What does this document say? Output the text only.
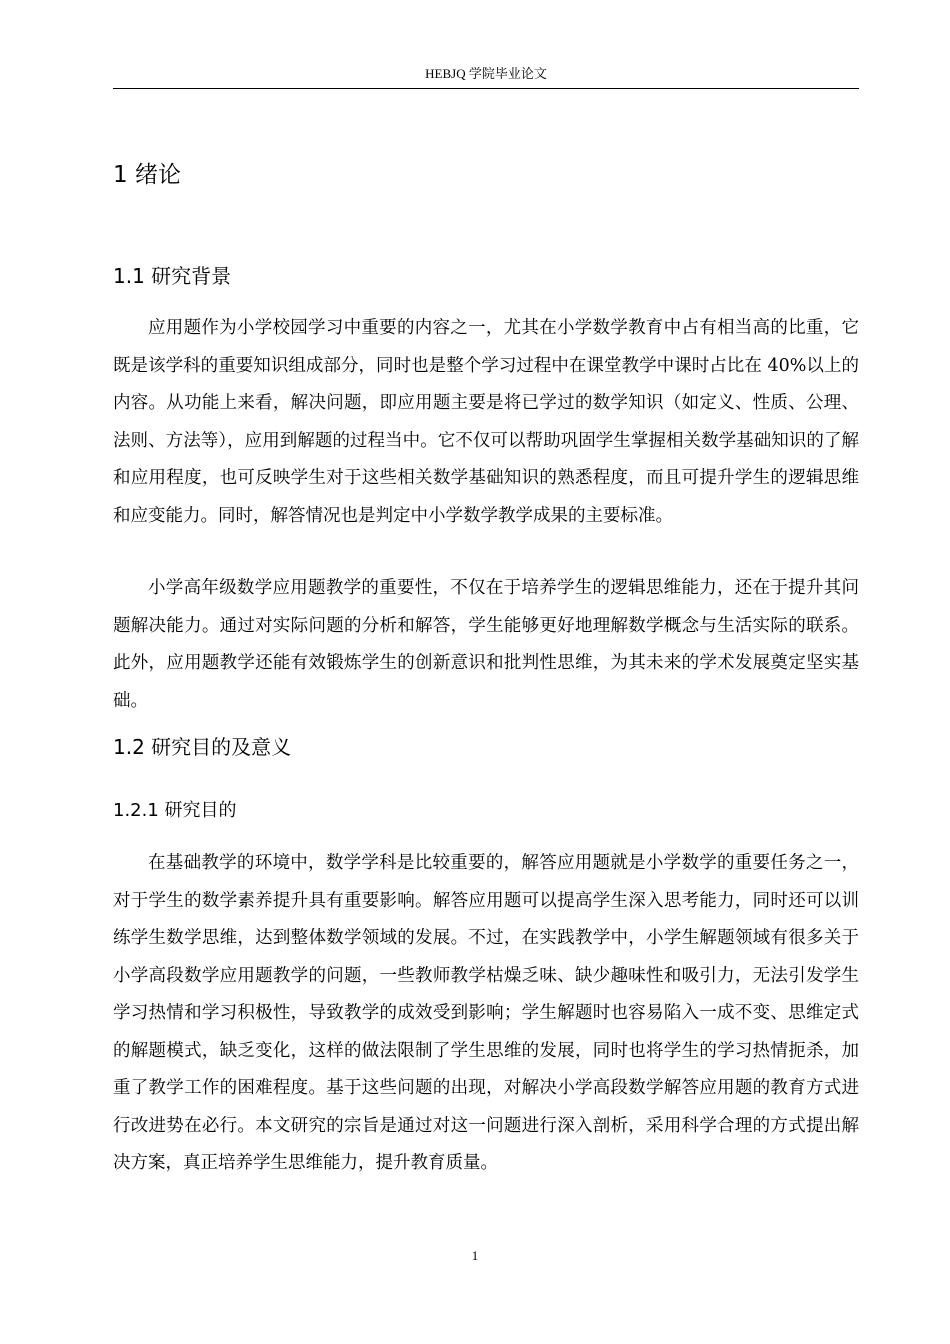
HEBJQ 学院毕业论文
1 绪论
1.1 研究背景

应用题作为小学校园学习中重要的内容之一，尤其在小学数学教育中占有相当高的比重，它既是该学科的重要知识组成部分，同时也是整个学习过程中在课堂教学中课时占比在 40%以上的内容。从功能上来看，解决问题，即应用题主要是将已学过的数学知识（如定义、性质、公理、法则、方法等），应用到解题的过程当中。它不仅可以帮助巩固学生掌握相关数学基础知识的了解和应用程度，也可反映学生对于这些相关数学基础知识的熟悉程度，而且可提升学生的逻辑思维和应变能力。同时，解答情况也是判定中小学数学教学成果的主要标准。

小学高年级数学应用题教学的重要性，不仅在于培养学生的逻辑思维能力，还在于提升其问题解决能力。通过对实际问题的分析和解答，学生能够更好地理解数学概念与生活实际的联系。此外，应用题教学还能有效锻炼学生的创新意识和批判性思维，为其未来的学术发展奠定坚实基础。

1.2 研究目的及意义
1.2.1 研究目的

在基础教学的环境中，数学学科是比较重要的，解答应用题就是小学数学的重要任务之一，对于学生的数学素养提升具有重要影响。解答应用题可以提高学生深入思考能力，同时还可以训练学生数学思维，达到整体数学领域的发展。不过，在实践教学中，小学生解题领域有很多关于小学高段数学应用题教学的问题，一些教师教学枯燥乏味、缺少趣味性和吸引力，无法引发学生学习热情和学习积极性，导致教学的成效受到影响；学生解题时也容易陷入一成不变、思维定式的解题模式，缺乏变化，这样的做法限制了学生思维的发展，同时也将学生的学习热情扼杀，加重了教学工作的困难程度。基于这些问题的出现，对解决小学高段数学解答应用题的教育方式进行改进势在必行。本文研究的宗旨是通过对这一问题进行深入剖析，采用科学合理的方式提出解决方案，真正培养学生思维能力，提升教育质量。

1
